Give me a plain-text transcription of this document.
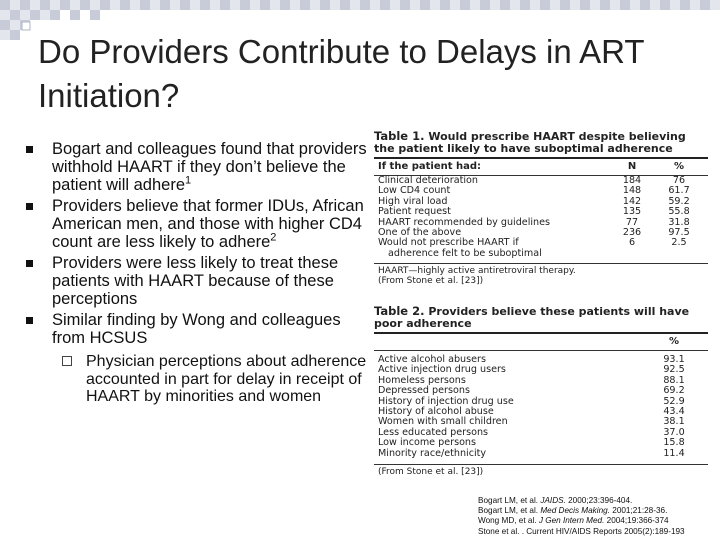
Do Providers Contribute to Delays in ART Initiation?
Bogart and colleagues found that providers withhold HAART if they don’t believe the patient will adhere$^1$
Providers believe that former IDUs, African American men, and those with higher CD4 count are less likely to adhere$^2$
Providers were less likely to treat these patients with HAART because of these perceptions
Similar finding by Wong and colleagues from HCSUS
Physician perceptions about adherence accounted in part for delay in receipt of HAART by minorities and women
Table 1. Would prescribe HAART despite believing the patient likely to have suboptimal adherence
If the patient had:	N	%
Clinical deterioration	184	76
Low CD4 count	148	61.7
High viral load	142	59.2
Patient request	135	55.8
HAART recommended by guidelines	77	31.8
One of the above	236	97.5
Would not prescribe HAART if	6	2.5
adherence felt to be suboptimal
HAART—highly active antiretroviral therapy.
(From Stone et al. [23])
Table 2. Providers believe these patients will have poor adherence
%
Active alcohol abusers	93.1
Active injection drug users	92.5
Homeless persons	88.1
Depressed persons	69.2
History of injection drug use	52.9
History of alcohol abuse	43.4
Women with small children	38.1
Less educated persons	37.0
Low income persons	15.8
Minority race/ethnicity	11.4
(From Stone et al. [23])
Bogart LM, et al. JAIDS. 2000;23:396-404.
Bogart LM, et al. Med Decis Making. 2001;21:28-36.
Wong MD, et al. J Gen Intern Med. 2004;19:366-374
Stone et al. . Current HIV/AIDS Reports 2005(2):189-193
